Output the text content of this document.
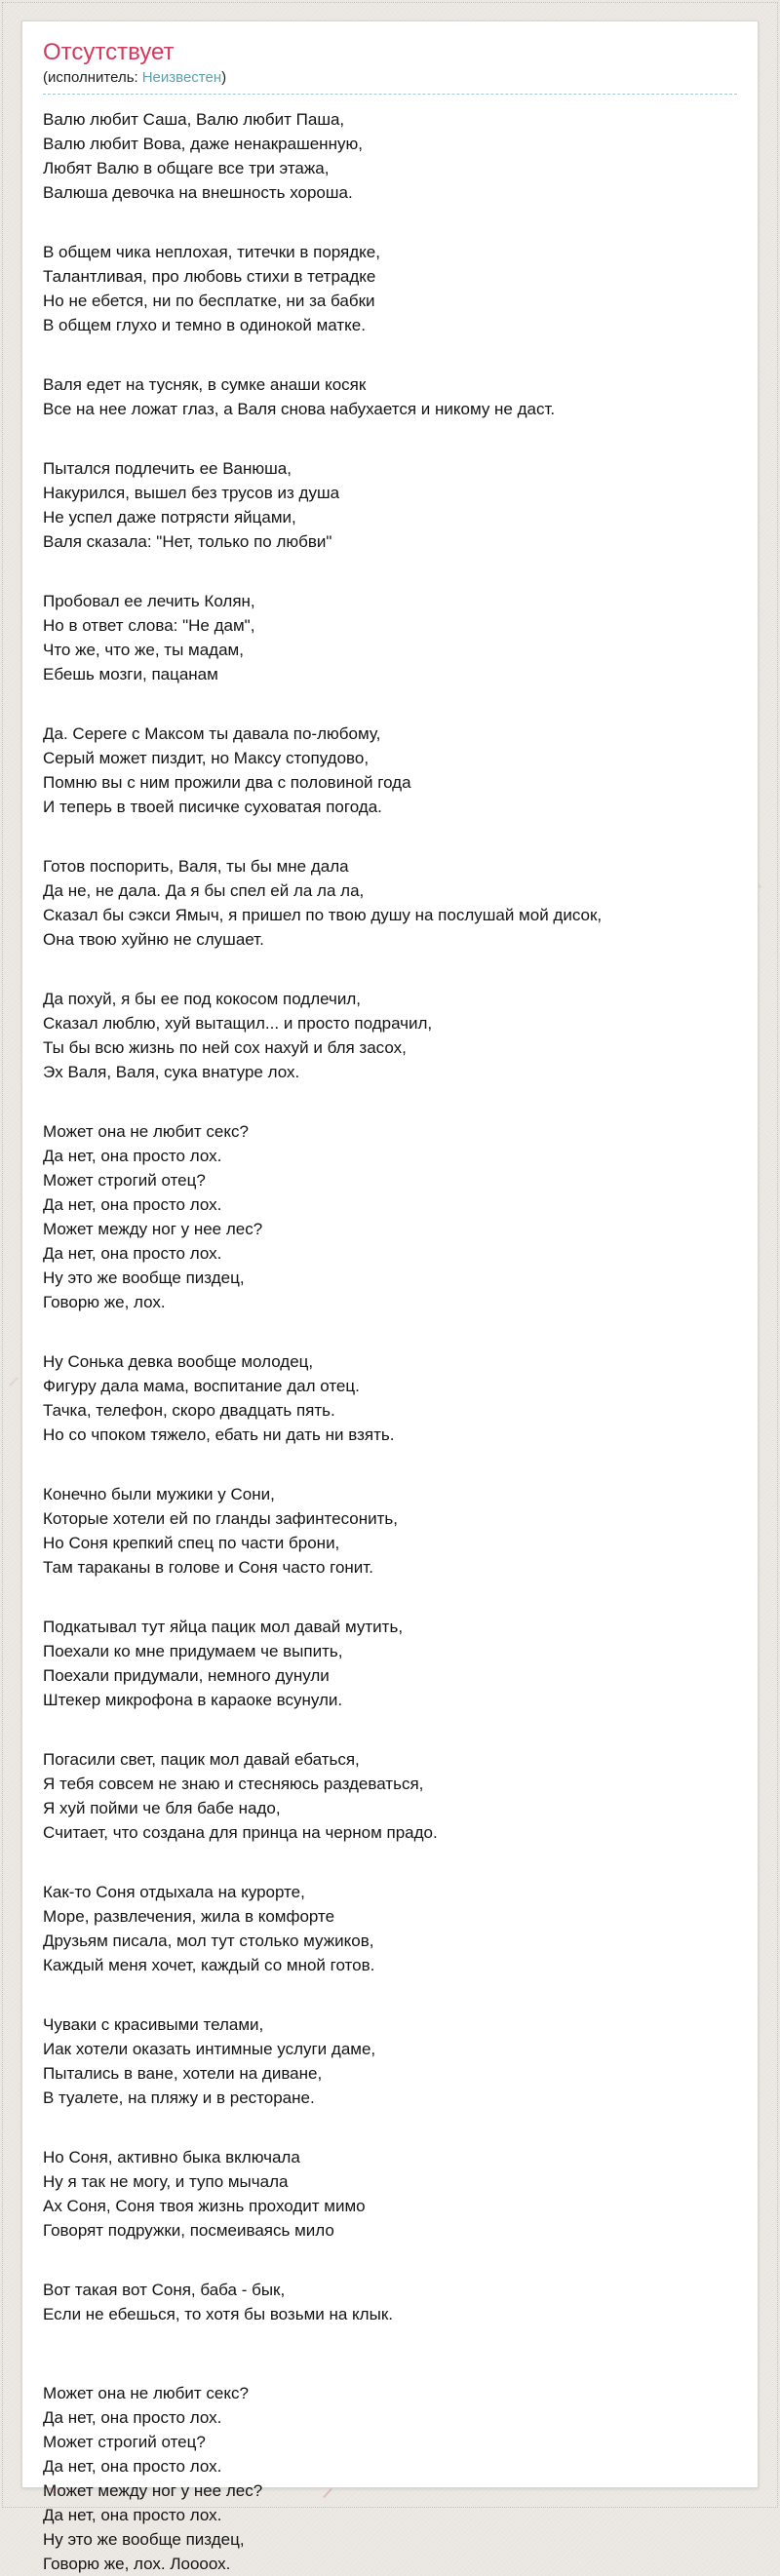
Отсутствует
(исполнитель: Неизвестен)

Валю любит Саша, Валю любит Паша,
Валю любит Вова, даже ненакрашенную,
Любят Валю в общаге все три этажа,
Валюша девочка на внешность хороша.

В общем чика неплохая, титечки в порядке,
Талантливая, про любовь стихи в тетрадке
Но не ебется, ни по бесплатке, ни за бабки
В общем глухо и темно в одинокой матке.

Валя едет на тусняк, в сумке анаши косяк
Все на нее ложат глаз, а Валя снова набухается и никому не даст.

Пытался подлечить ее Ванюша,
Накурился, вышел без трусов из душа
Не успел даже потрясти яйцами,
Валя сказала: "Нет, только по любви"

Пробовал ее лечить Колян,
Но в ответ слова: "Не дам",
Что же, что же, ты мадам,
Ебешь мозги, пацанам

Да. Сереге с Максом ты давала по-любому,
Серый может пиздит, но Максу стопудово,
Помню вы с ним прожили два с половиной года
И теперь в твоей писичке суховатая погода.

Готов поспорить, Валя, ты бы мне дала
Да не, не дала. Да я бы спел ей ла ла ла,
Сказал бы сэкси Ямыч, я пришел по твою душу на послушай мой дисок,
Она твою хуйню не слушает.

Да похуй, я бы ее под кокосом подлечил,
Сказал люблю, хуй вытащил... и просто подрачил,
Ты бы всю жизнь по ней сох нахуй и бля засох,
Эх Валя, Валя, сука внатуре лох.

Может она не любит секс?
Да нет, она просто лох.
Может строгий отец?
Да нет, она просто лох.
Может между ног у нее лес?
Да нет, она просто лох.
Ну это же вообще пиздец,
Говорю же, лох.

Ну Сонька девка вообще молодец,
Фигуру дала мама, воспитание дал отец.
Тачка, телефон, скоро двадцать пять.
Но со чпоком тяжело, ебать ни дать ни взять.

Конечно были мужики у Сони,
Которые хотели ей по гланды зафинтесонить,
Но Соня крепкий спец по части брони,
Там тараканы в голове и Соня часто гонит.

Подкатывал тут яйца пацик мол давай мутить,
Поехали ко мне придумаем че выпить,
Поехали придумали, немного дунули
Штекер микрофона в караоке всунули.

Погасили свет, пацик мол давай ебаться,
Я тебя совсем не знаю и стесняюсь раздеваться,
Я хуй пойми че бля бабе надо,
Считает, что создана для принца на черном прадо.

Как-то Соня отдыхала на курорте,
Море, развлечения, жила в комфорте
Друзьям писала, мол тут столько мужиков,
Каждый меня хочет, каждый со мной готов.

Чуваки с красивыми телами,
Иак хотели оказать интимные услуги даме,
Пытались в ване, хотели на диване,
В туалете, на пляжу и в ресторане.

Но Соня, активно быка включала
Ну я так не могу, и тупо мычала
Ах Соня, Соня твоя жизнь проходит мимо
Говорят подружки, посмеиваясь мило

Вот такая вот Соня, баба - бык,
Если не ебешься, то хотя бы возьми на клык.

Может она не любит секс?
Да нет, она просто лох.
Может строгий отец?
Да нет, она просто лох.
Может между ног у нее лес?
Да нет, она просто лох.
Ну это же вообще пиздец,
Говорю же, лох. Лоооох.
